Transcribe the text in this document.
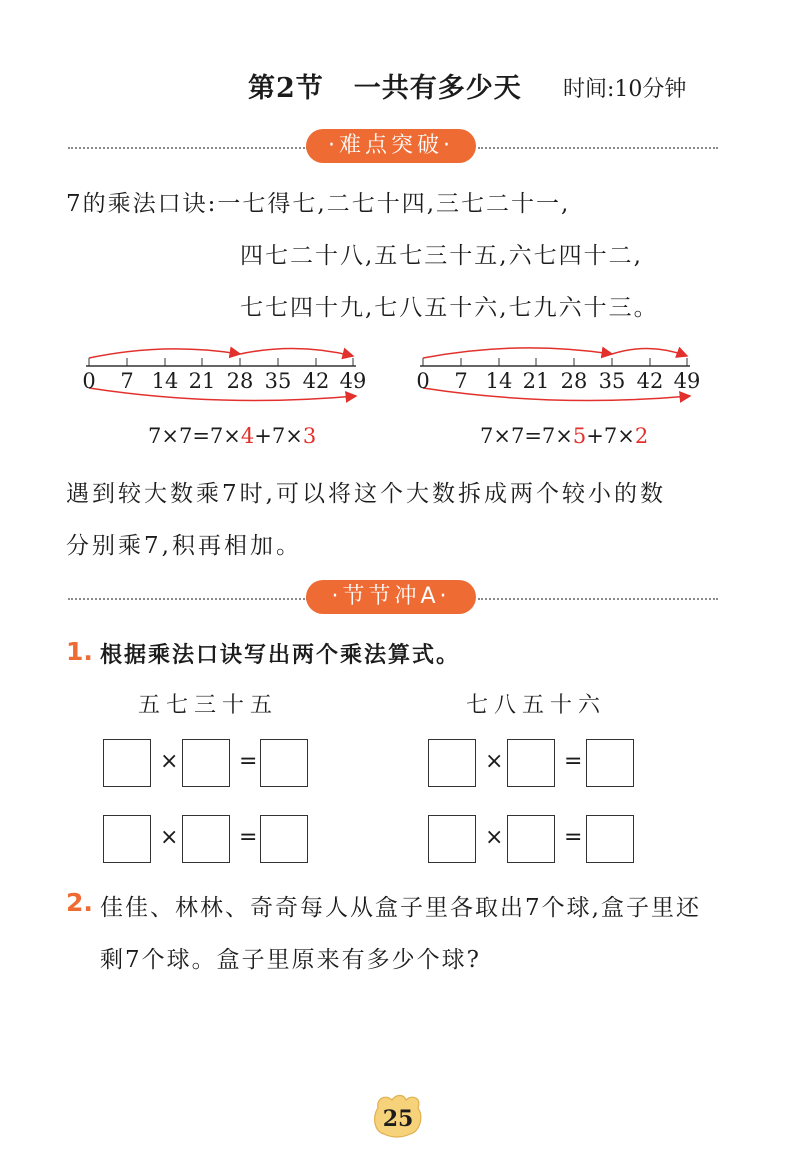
第2节 一共有多少天 时间:10分钟
·难点突破·
7的乘法口诀:一七得七,二七十四,三七二十一,
四七二十八,五七三十五,六七四十二,
七七四十九,七八五十六,七九六十三。
0 7 14 21 28 35 42 49 0 7 14 21 28 35 42 49
7×7=7×4+7×3	7×7=7×5+7×2
遇到较大数乘7时,可以将这个大数拆成两个较小的数
分别乘7,积再相加。
·节节冲A·
1. 根据乘法口诀写出两个乘法算式。
五七三十五	七八五十六
×	=
×	=
×	=
×	=
2. 佳佳、林林、奇奇每人从盒子里各取出7个球,盒子里还
剩7个球。盒子里原来有多少个球?
25
